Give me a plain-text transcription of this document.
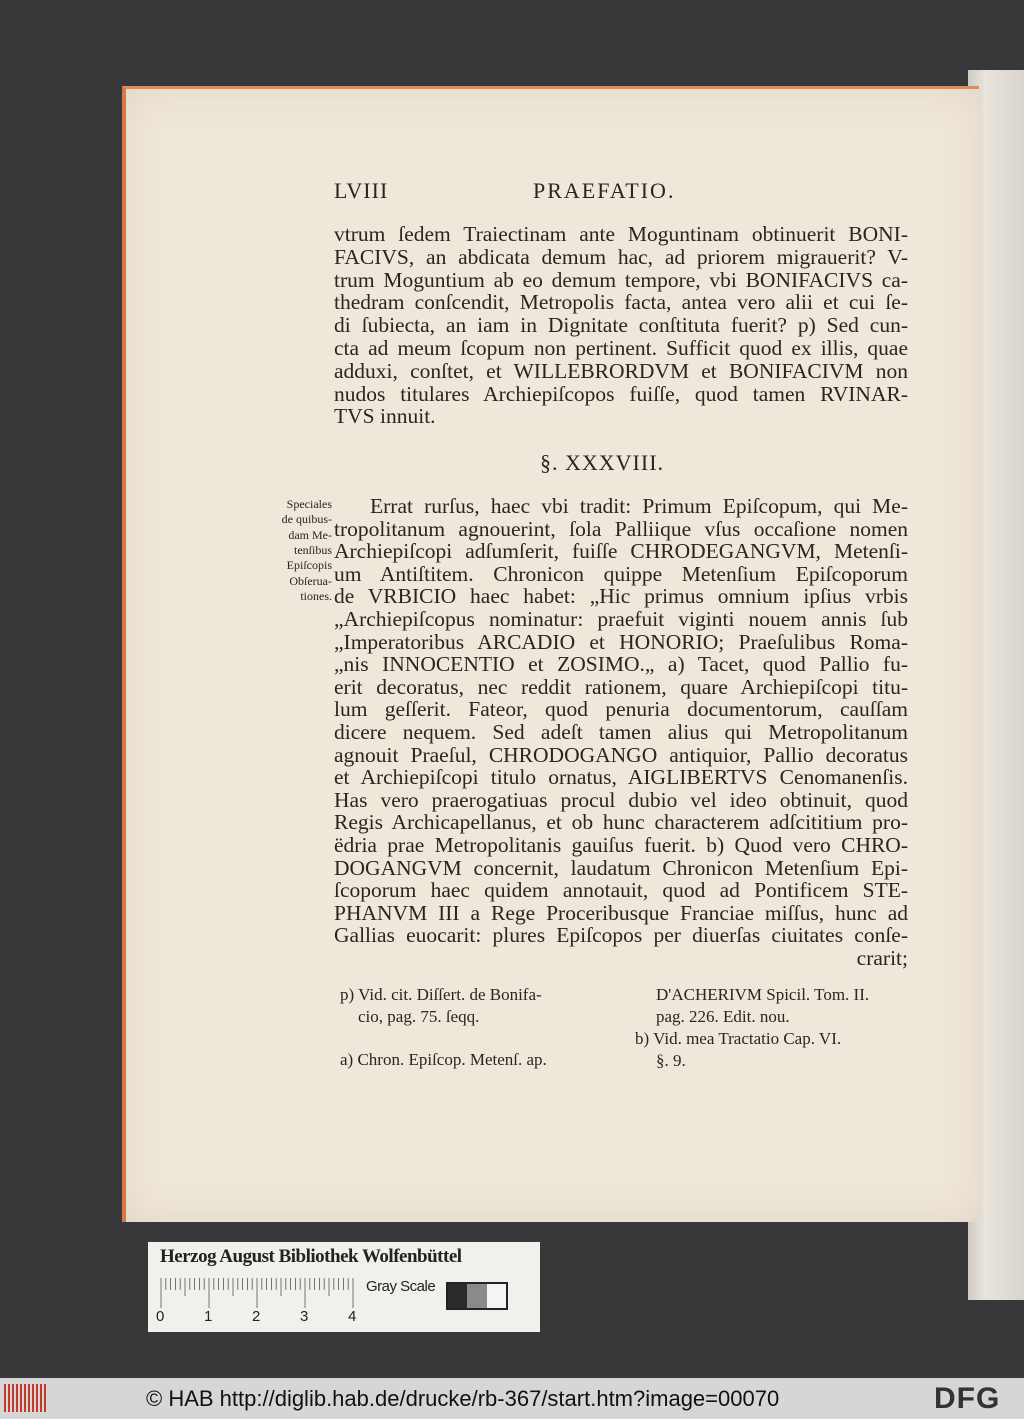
LVIII	PRAEFATIO.
vtrum ſedem Traiectinam ante Moguntinam obtinuerit BONI-
FACIVS, an abdicata demum hac, ad priorem migrauerit? V-
trum Moguntium ab eo demum tempore, vbi BONIFACIVS ca-
thedram conſcendit, Metropolis facta, antea vero alii et cui ſe-
di ſubiecta, an iam in Dignitate conſtituta fuerit? p) Sed cun-
cta ad meum ſcopum non pertinent. Sufficit quod ex illis, quae
adduxi, conſtet, et WILLEBRORDVM et BONIFACIVM non
nudos titulares Archiepiſcopos fuiſſe, quod tamen RVINAR-
TVS innuit.
§. XXXVIII.
Speciales
de quibus-
dam Me-
tenſibus
Epiſcopis
Obſerua-
tiones.
Errat rurſus, haec vbi tradit: Primum Epiſcopum, qui Me-
tropolitanum agnouerint, ſola Palliique vſus occaſione nomen
Archiepiſcopi adſumſerit, fuiſſe CHRODEGANGVM, Metenſi-
um Antiſtitem. Chronicon quippe Metenſium Epiſcoporum
de VRBICIO haec habet: „Hic primus omnium ipſius vrbis
„Archiepiſcopus nominatur: praefuit viginti nouem annis ſub
„Imperatoribus ARCADIO et HONORIO; Praeſulibus Roma-
„nis INNOCENTIO et ZOSIMO.„ a) Tacet, quod Pallio fu-
erit decoratus, nec reddit rationem, quare Archiepiſcopi titu-
lum geſſerit. Fateor, quod penuria documentorum, cauſſam
dicere nequem. Sed adeſt tamen alius qui Metropolitanum
agnouit Praeſul, CHRODOGANGO antiquior, Pallio decoratus
et Archiepiſcopi titulo ornatus, AIGLIBERTVS Cenomanenſis.
Has vero praerogatiuas procul dubio vel ideo obtinuit, quod
Regis Archicapellanus, et ob hunc characterem adſcititium pro-
ëdria prae Metropolitanis gauiſus fuerit. b) Quod vero CHRO-
DOGANGVM concernit, laudatum Chronicon Metenſium Epi-
ſcoporum haec quidem annotauit, quod ad Pontificem STE-
PHANVM III a Rege Proceribusque Franciae miſſus, hunc ad
Gallias euocarit: plures Epiſcopos per diuerſas ciuitates conſe-
crarit;
p) Vid. cit. Diſſert. de Bonifa-
cio, pag. 75. ſeqq.
a) Chron. Epiſcop. Metenſ. ap.
D'ACHERIVM Spicil. Tom. II.
pag. 226. Edit. nou.
b) Vid. mea Tractatio Cap. VI.
§. 9.
Herzog August Bibliothek Wolfenbüttel
0	1	2	3	4
Gray Scale
© HAB http://diglib.hab.de/drucke/rb-367/start.htm?image=00070	DFG
